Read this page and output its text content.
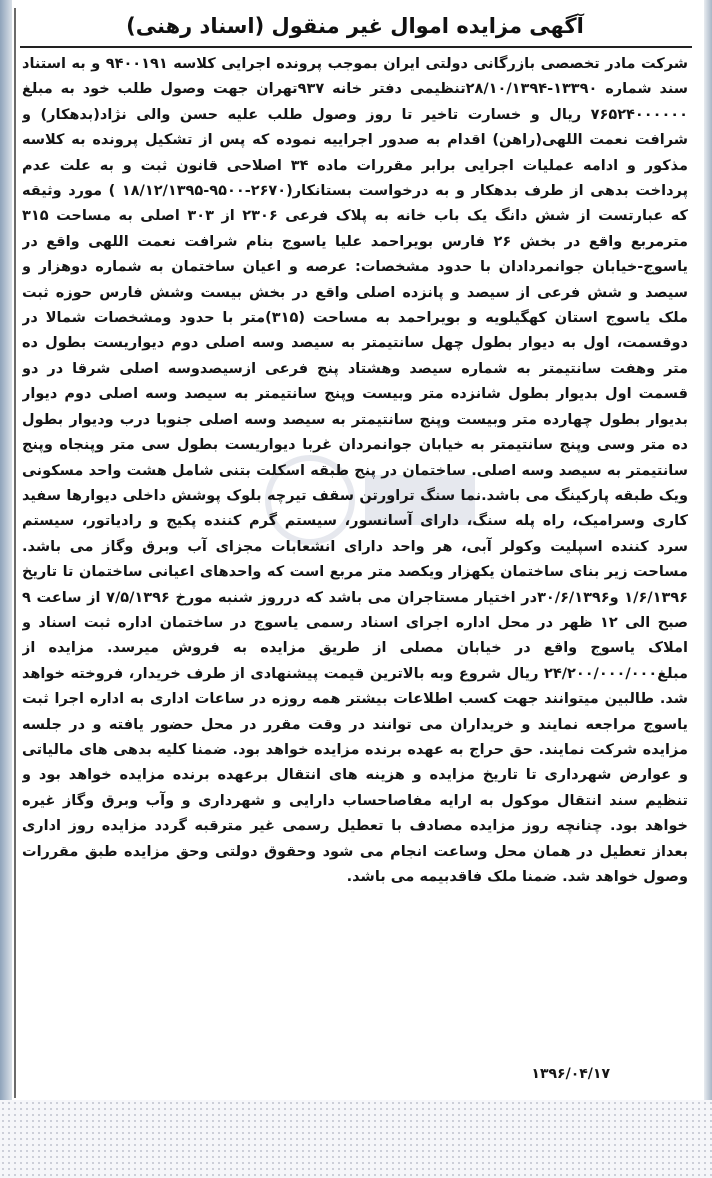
آگهی مزایده اموال غیر منقول (اسناد رهنی)
شرکت مادر تخصصی بازرگانی دولتی ایران بموجب پرونده اجرایی کلاسه ۹۴۰۰۱۹۱ و به استناد سند شماره ۱۳۳۹۰-۲۸/۱۰/۱۳۹۴تنظیمی دفتر خانه ۹۳۷تهران جهت وصول طلب خود به مبلغ ۷۶۵۲۴۰۰۰۰۰۰ ریال و خسارت تاخیر تا روز وصول طلب علیه حسن والی نژاد(بدهکار) و شرافت نعمت اللهی(راهن) اقدام به صدور اجراییه نموده که پس از تشکیل پرونده به کلاسه مذکور و ادامه عملیات اجرایی برابر مقررات ماده ۳۴ اصلاحی قانون ثبت و به علت عدم پرداخت بدهی از طرف بدهکار و به درخواست بستانکار(۲۶۷۰-۹۵۰۰-۱۸/۱۲/۱۳۹۵ ) مورد وثیقه که عبارتست از شش دانگ یک باب خانه به پلاک فرعی ۲۳۰۶ از ۳۰۳ اصلی به مساحت ۳۱۵ مترمربع واقع در بخش ۲۶ فارس بویراحمد علیا یاسوج بنام شرافت نعمت اللهی واقع در یاسوج-خیابان جوانمردادان با حدود مشخصات: عرصه و اعیان ساختمان به شماره دوهزار و سیصد و شش فرعی از سیصد و پانزده اصلی واقع در بخش بیست وشش فارس حوزه ثبت ملک یاسوج استان کهگیلویه و بویراحمد به مساحت (۳۱۵)متر با حدود ومشخصات شمالا در دوقسمت، اول به دیوار بطول چهل سانتیمتر به سیصد وسه اصلی دوم دیواریست بطول ده متر وهفت سانتیمتر به شماره سیصد وهشتاد پنج فرعی ازسیصدوسه اصلی شرقا در دو قسمت اول بدیوار بطول شانزده متر وبیست وپنج سانتیمتر به سیصد وسه اصلی دوم دیوار بدیوار بطول چهارده متر وبیست وپنج سانتیمتر به سیصد وسه اصلی جنوبا درب ودیوار بطول ده متر وسی وپنج سانتیمتر به خیابان جوانمردان غربا دیواریست بطول سی متر وپنجاه وپنج سانتیمتر به سیصد وسه اصلی. ساختمان در پنج طبقه اسکلت بتنی شامل هشت واحد مسکونی ویک طبقه پارکینگ می باشد.نما سنگ تراورتن سقف تیرچه بلوک پوشش داخلی دیوارها سفید کاری وسرامیک، راه پله سنگ، دارای آسانسور، سیستم گرم کننده پکیج و رادیاتور، سیستم سرد کننده اسپلیت وکولر آبی، هر واحد دارای انشعابات مجزای آب وبرق وگاز می باشد. مساحت زیر بنای ساختمان یکهزار ویکصد متر مربع است که واحدهای اعیانی ساختمان تا تاریخ ۱/۶/۱۳۹۶ و۳۰/۶/۱۳۹۶در اختیار مستاجران می باشد که درروز شنبه مورخ ۷/۵/۱۳۹۶ از ساعت ۹ صبح الی ۱۲ ظهر در محل اداره اجرای اسناد رسمی یاسوج در ساختمان اداره ثبت اسناد و املاک یاسوج واقع در خیابان مصلی از طریق مزایده به فروش میرسد. مزایده از مبلغ۲۴/۲۰۰/۰۰۰/۰۰۰ ریال شروع وبه بالاترین قیمت پیشنهادی از طرف خریدار، فروخته خواهد شد. طالبین میتوانند جهت کسب اطلاعات بیشتر همه روزه در ساعات اداری به اداره اجرا ثبت یاسوج مراجعه نمایند و خریداران می توانند در وقت مقرر در محل حضور یافته و در جلسه مزایده شرکت نمایند. حق حراج به عهده برنده مزایده خواهد بود. ضمنا کلیه بدهی های مالیاتی و عوارض شهرداری تا تاریخ مزایده و هزینه های انتقال برعهده برنده مزایده خواهد بود و تنظیم سند انتقال موکول به ارایه مفاصاحساب دارایی و شهرداری و وآب وبرق وگاز غیره خواهد بود. چنانچه روز مزایده مصادف با تعطیل رسمی غیر مترقبه گردد مزایده روز اداری بعداز تعطیل در همان محل وساعت انجام می شود وحقوق دولتی وحق مزایده طبق مقررات وصول خواهد شد. ضمنا ملک فاقدبیمه می باشد.
۱۳۹۶/۰۴/۱۷
